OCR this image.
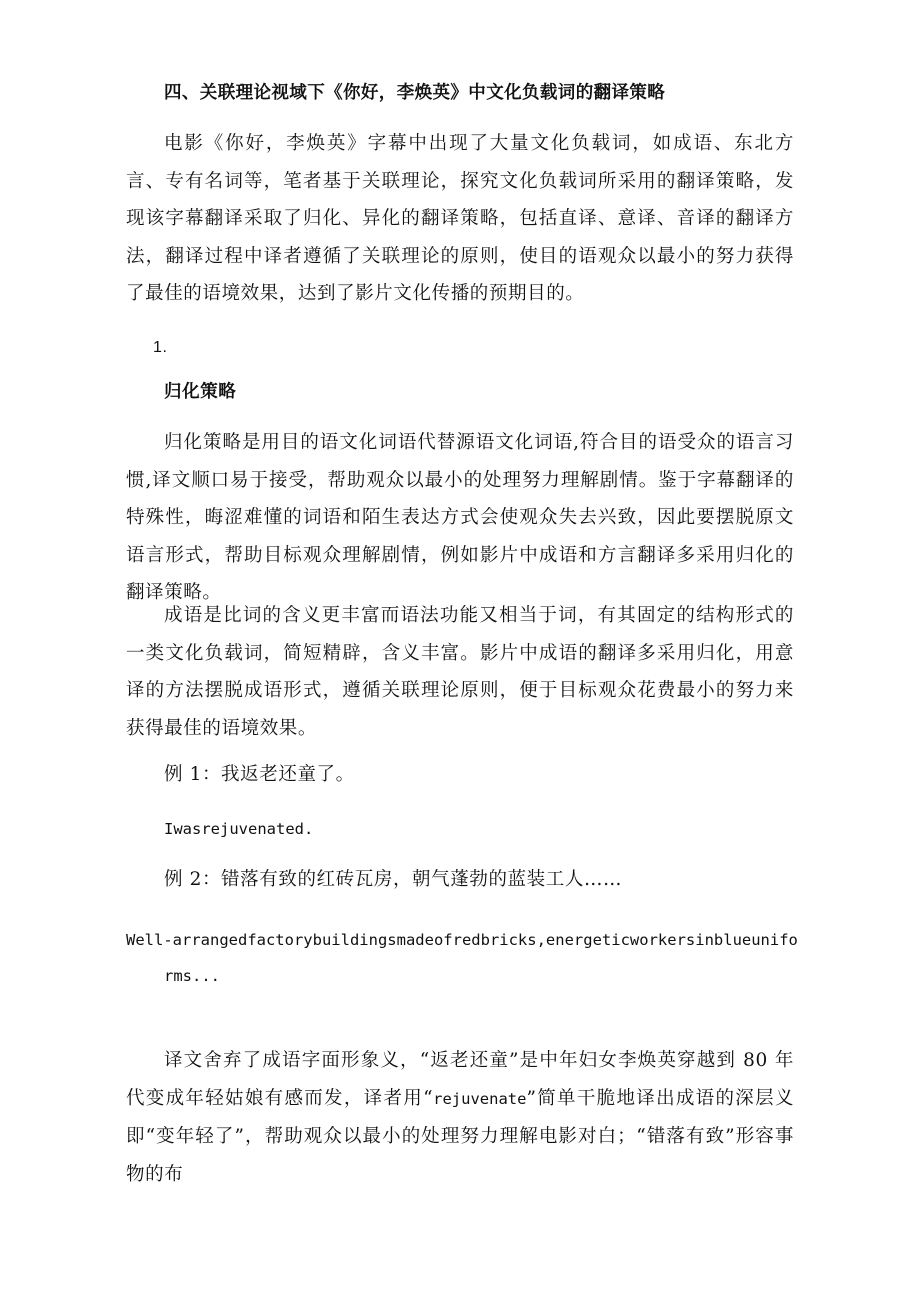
四、关联理论视域下《你好，李焕英》中文化负载词的翻译策略

电影《你好，李焕英》字幕中出现了大量文化负载词，如成语、东北方言、专有名词等，笔者基于关联理论，探究文化负载词所采用的翻译策略，发现该字幕翻译采取了归化、异化的翻译策略，包括直译、意译、音译的翻译方法，翻译过程中译者遵循了关联理论的原则，使目的语观众以最小的努力获得了最佳的语境效果，达到了影片文化传播的预期目的。

1.
归化策略

归化策略是用目的语文化词语代替源语文化词语,符合目的语受众的语言习惯,译文顺口易于接受，帮助观众以最小的处理努力理解剧情。鉴于字幕翻译的特殊性，晦涩难懂的词语和陌生表达方式会使观众失去兴致，因此要摆脱原文语言形式，帮助目标观众理解剧情，例如影片中成语和方言翻译多采用归化的翻译策略。

成语是比词的含义更丰富而语法功能又相当于词，有其固定的结构形式的一类文化负载词，简短精辟，含义丰富。影片中成语的翻译多采用归化，用意译的方法摆脱成语形式，遵循关联理论原则，便于目标观众花费最小的努力来获得最佳的语境效果。

例 1：我返老还童了。

Iwasrejuvenated.

例 2：错落有致的红砖瓦房，朝气蓬勃的蓝装工人……

Well-arrangedfactorybuildingsmadeofredbricks,energeticworkersinblueuniforms...

译文舍弃了成语字面形象义，“返老还童”是中年妇女李焕英穿越到 80 年代变成年轻姑娘有感而发，译者用“rejuvenate”简单干脆地译出成语的深层义即“变年轻了”，帮助观众以最小的处理努力理解电影对白；“错落有致”形容事物的布
